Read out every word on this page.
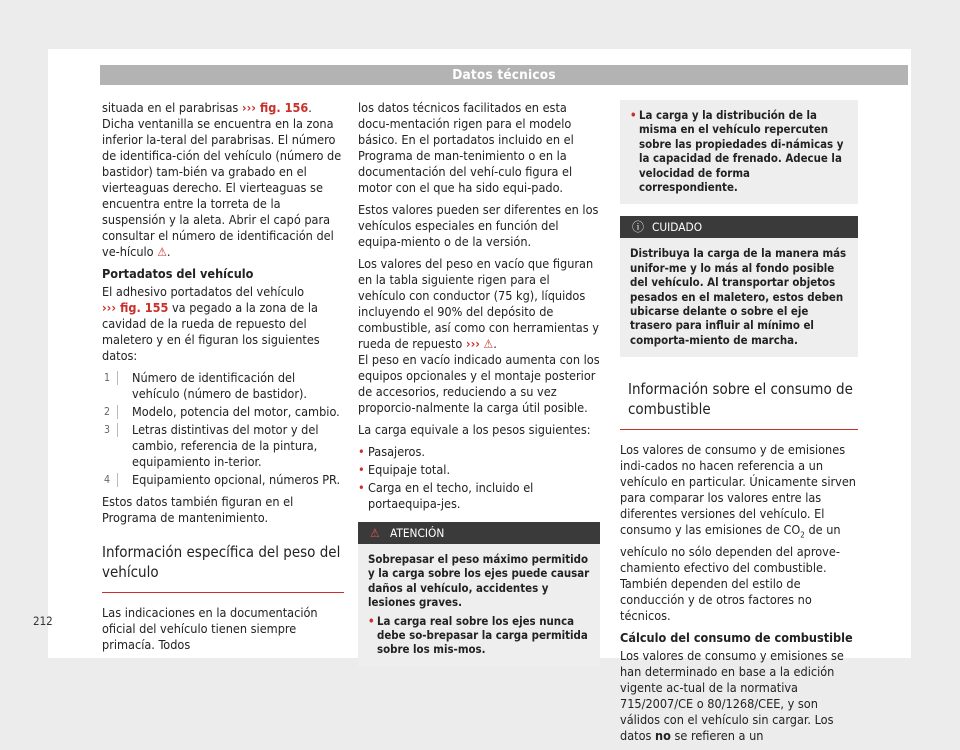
Datos técnicos

situada en el parabrisas ››› fig. 156. Dicha ventanilla se encuentra en la zona inferior la-teral del parabrisas. El número de identifica-ción del vehículo (número de bastidor) tam-bién va grabado en el vierteaguas derecho. El vierteaguas se encuentra entre la torreta de la suspensión y la aleta. Abrir el capó para consultar el número de identificación del ve-hículo ⚠.

Portadatos del vehículo

El adhesivo portadatos del vehículo
››› fig. 155 va pegado a la zona de la cavidad de la rueda de repuesto del maletero y en él figuran los siguientes datos:

1 Número de identificación del vehículo (número de bastidor).
2 Modelo, potencia del motor, cambio.
3 Letras distintivas del motor y del cambio, referencia de la pintura, equipamiento in-terior.
4 Equipamiento opcional, números PR.

Estos datos también figuran en el Programa de mantenimiento.

Información específica del peso del vehículo

Las indicaciones en la documentación oficial del vehículo tienen siempre primacía. Todos

los datos técnicos facilitados en esta docu-mentación rigen para el modelo básico. En el portadatos incluido en el Programa de man-tenimiento o en la documentación del vehí-culo figura el motor con el que ha sido equi-pado.

Estos valores pueden ser diferentes en los vehículos especiales en función del equipa-miento o de la versión.

Los valores del peso en vacío que figuran en la tabla siguiente rigen para el vehículo con conductor (75 kg), líquidos incluyendo el 90% del depósito de combustible, así como con herramientas y rueda de repuesto ››› ⚠.
El peso en vacío indicado aumenta con los equipos opcionales y el montaje posterior de accesorios, reduciendo a su vez proporcio-nalmente la carga útil posible.

La carga equivale a los pesos siguientes:

• Pasajeros.
• Equipaje total.
• Carga en el techo, incluido el portaequipa-jes.
⚠ ATENCIÓN
Sobrepasar el peso máximo permitido y la carga sobre los ejes puede causar daños al vehículo, accidentes y lesiones graves.
• La carga real sobre los ejes nunca debe so-brepasar la carga permitida sobre los mis-mos.
• La carga y la distribución de la misma en el vehículo repercuten sobre las propiedades di-námicas y la capacidad de frenado. Adecue la velocidad de forma correspondiente.
ⓘ CUIDADO
Distribuya la carga de la manera más unifor-me y lo más al fondo posible del vehículo. Al transportar objetos pesados en el maletero, estos deben ubicarse delante o sobre el eje trasero para influir al mínimo el comporta-miento de marcha.
Información sobre el consumo de combustible

Los valores de consumo y de emisiones indi-cados no hacen referencia a un vehículo en particular. Únicamente sirven para comparar los valores entre las diferentes versiones del vehículo. El consumo y las emisiones de $CO_2$ de un vehículo no sólo dependen del aprove-chamiento efectivo del combustible. También dependen del estilo de conducción y de otros factores no técnicos.

Cálculo del consumo de combustible

Los valores de consumo y emisiones se han determinado en base a la edición vigente ac-tual de la normativa 715/2007/CE o 80/1268/CEE, y son válidos con el vehículo sin cargar. Los datos no se refieren a un

212
